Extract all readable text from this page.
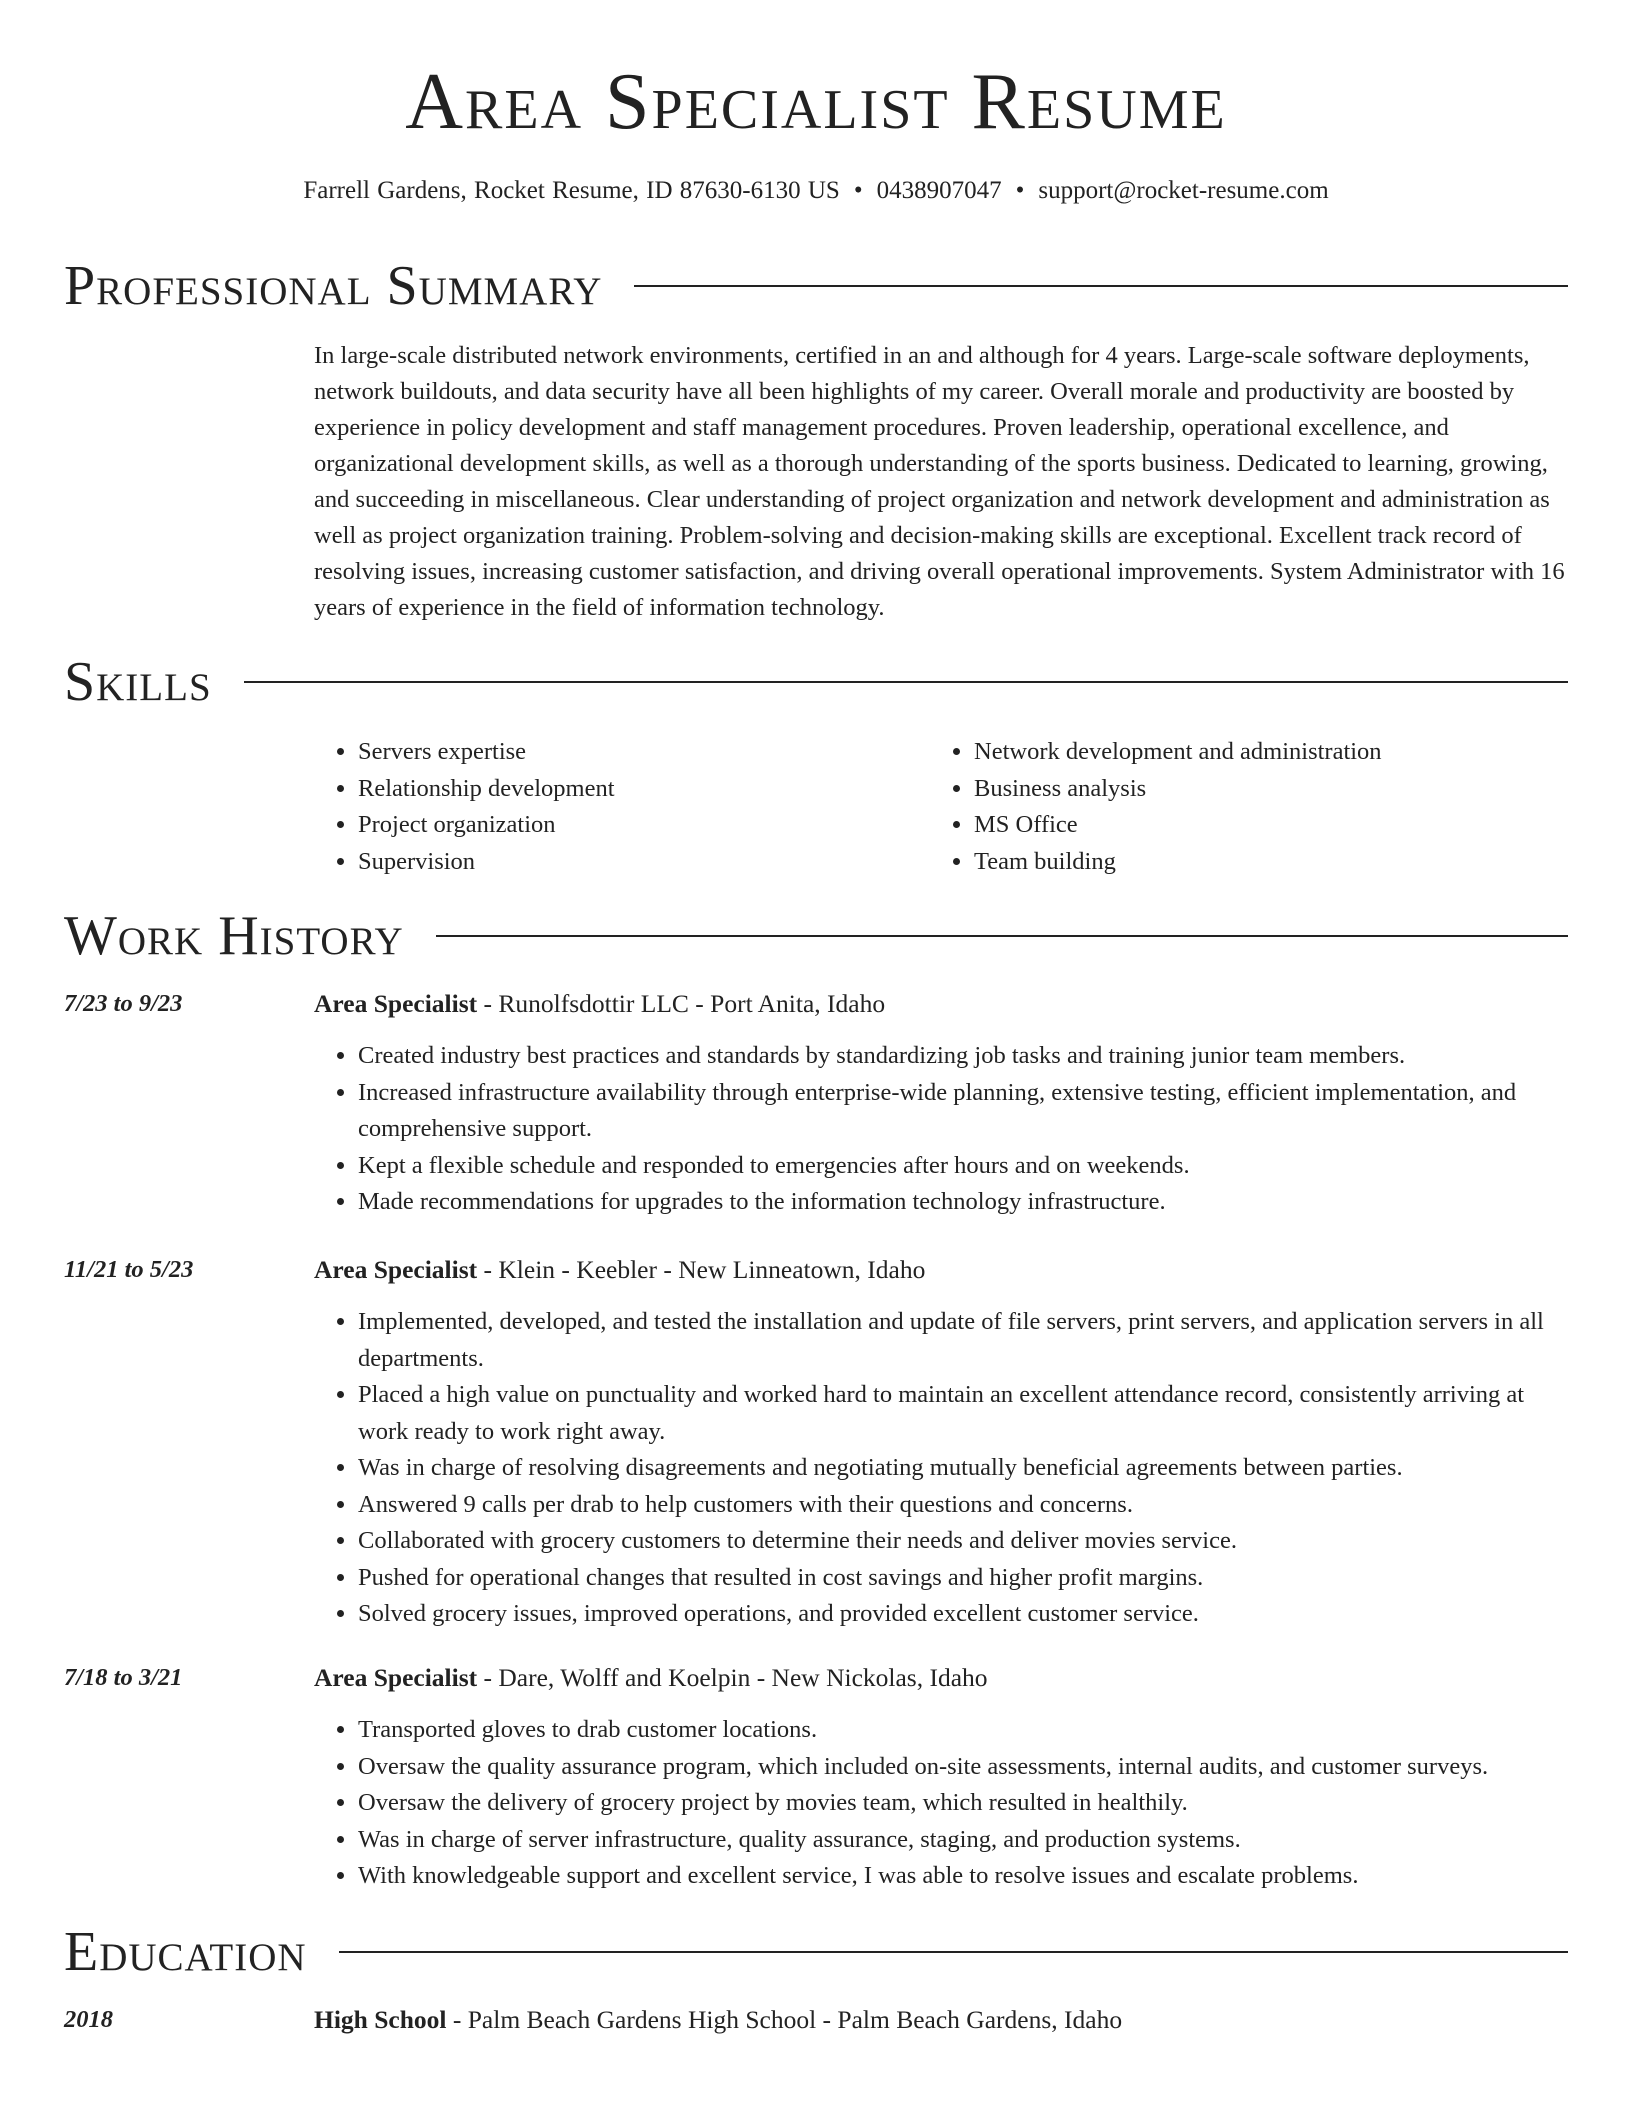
Area Specialist Resume
Farrell Gardens, Rocket Resume, ID 87630-6130 US • 0438907047 • support@rocket-resume.com
Professional Summary
In large-scale distributed network environments, certified in an and although for 4 years. Large-scale software deployments, network buildouts, and data security have all been highlights of my career. Overall morale and productivity are boosted by experience in policy development and staff management procedures. Proven leadership, operational excellence, and organizational development skills, as well as a thorough understanding of the sports business. Dedicated to learning, growing, and succeeding in miscellaneous. Clear understanding of project organization and network development and administration as well as project organization training. Problem-solving and decision-making skills are exceptional. Excellent track record of resolving issues, increasing customer satisfaction, and driving overall operational improvements. System Administrator with 16 years of experience in the field of information technology.
Skills
• Servers expertise
• Relationship development
• Project organization
• Supervision
• Network development and administration
• Business analysis
• MS Office
• Team building
Work History
7/23 to 9/23	Area Specialist - Runolfsdottir LLC - Port Anita, Idaho
• Created industry best practices and standards by standardizing job tasks and training junior team members.
• Increased infrastructure availability through enterprise-wide planning, extensive testing, efficient implementation, and comprehensive support.
• Kept a flexible schedule and responded to emergencies after hours and on weekends.
• Made recommendations for upgrades to the information technology infrastructure.
11/21 to 5/23	Area Specialist - Klein - Keebler - New Linneatown, Idaho
• Implemented, developed, and tested the installation and update of file servers, print servers, and application servers in all departments.
• Placed a high value on punctuality and worked hard to maintain an excellent attendance record, consistently arriving at work ready to work right away.
• Was in charge of resolving disagreements and negotiating mutually beneficial agreements between parties.
• Answered 9 calls per drab to help customers with their questions and concerns.
• Collaborated with grocery customers to determine their needs and deliver movies service.
• Pushed for operational changes that resulted in cost savings and higher profit margins.
• Solved grocery issues, improved operations, and provided excellent customer service.
7/18 to 3/21	Area Specialist - Dare, Wolff and Koelpin - New Nickolas, Idaho
• Transported gloves to drab customer locations.
• Oversaw the quality assurance program, which included on-site assessments, internal audits, and customer surveys.
• Oversaw the delivery of grocery project by movies team, which resulted in healthily.
• Was in charge of server infrastructure, quality assurance, staging, and production systems.
• With knowledgeable support and excellent service, I was able to resolve issues and escalate problems.
Education
2018	High School - Palm Beach Gardens High School - Palm Beach Gardens, Idaho
